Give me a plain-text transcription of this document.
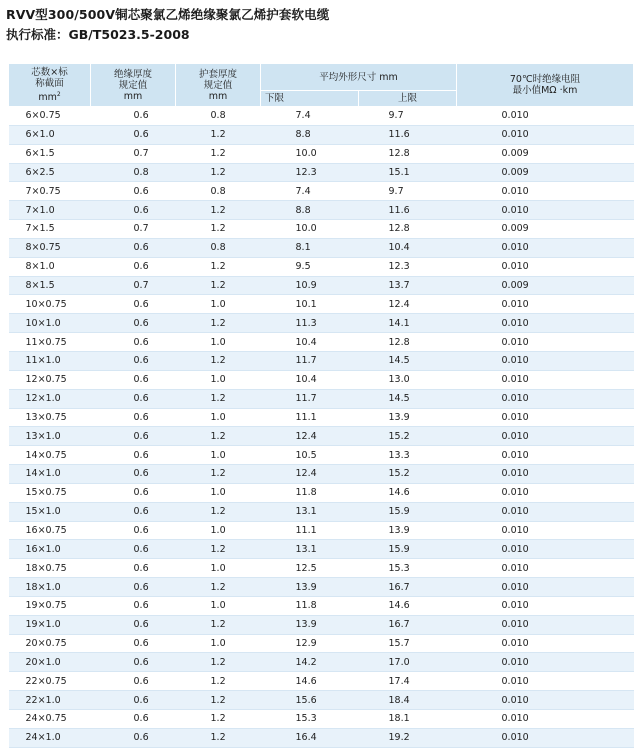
RVV型300/500V铜芯聚氯乙烯绝缘聚氯乙烯护套软电缆
执行标准：GB/T5023.5-2008
芯数×标
称截面
$mm^2$	绝缘厚度
规定值
mm	护套厚度
规定值
mm	平均外形尺寸 mm		70℃时绝缘电阻
最小值MΩ ·km

			下限	上限	
6×0.75	0.6	0.8	7.4	9.7	0.010
6×1.0	0.6	1.2	8.8	11.6	0.010
6×1.5	0.7	1.2	10.0	12.8	0.009
6×2.5	0.8	1.2	12.3	15.1	0.009
7×0.75	0.6	0.8	7.4	9.7	0.010
7×1.0	0.6	1.2	8.8	11.6	0.010
7×1.5	0.7	1.2	10.0	12.8	0.009
8×0.75	0.6	0.8	8.1	10.4	0.010
8×1.0	0.6	1.2	9.5	12.3	0.010
8×1.5	0.7	1.2	10.9	13.7	0.009
10×0.75	0.6	1.0	10.1	12.4	0.010
10×1.0	0.6	1.2	11.3	14.1	0.010
11×0.75	0.6	1.0	10.4	12.8	0.010
11×1.0	0.6	1.2	11.7	14.5	0.010
12×0.75	0.6	1.0	10.4	13.0	0.010
12×1.0	0.6	1.2	11.7	14.5	0.010
13×0.75	0.6	1.0	11.1	13.9	0.010
13×1.0	0.6	1.2	12.4	15.2	0.010
14×0.75	0.6	1.0	10.5	13.3	0.010
14×1.0	0.6	1.2	12.4	15.2	0.010
15×0.75	0.6	1.0	11.8	14.6	0.010
15×1.0	0.6	1.2	13.1	15.9	0.010
16×0.75	0.6	1.0	11.1	13.9	0.010
16×1.0	0.6	1.2	13.1	15.9	0.010
18×0.75	0.6	1.0	12.5	15.3	0.010
18×1.0	0.6	1.2	13.9	16.7	0.010
19×0.75	0.6	1.0	11.8	14.6	0.010
19×1.0	0.6	1.2	13.9	16.7	0.010
20×0.75	0.6	1.0	12.9	15.7	0.010
20×1.0	0.6	1.2	14.2	17.0	0.010
22×0.75	0.6	1.2	14.6	17.4	0.010
22×1.0	0.6	1.2	15.6	18.4	0.010
24×0.75	0.6	1.2	15.3	18.1	0.010
24×1.0	0.6	1.2	16.4	19.2	0.010
